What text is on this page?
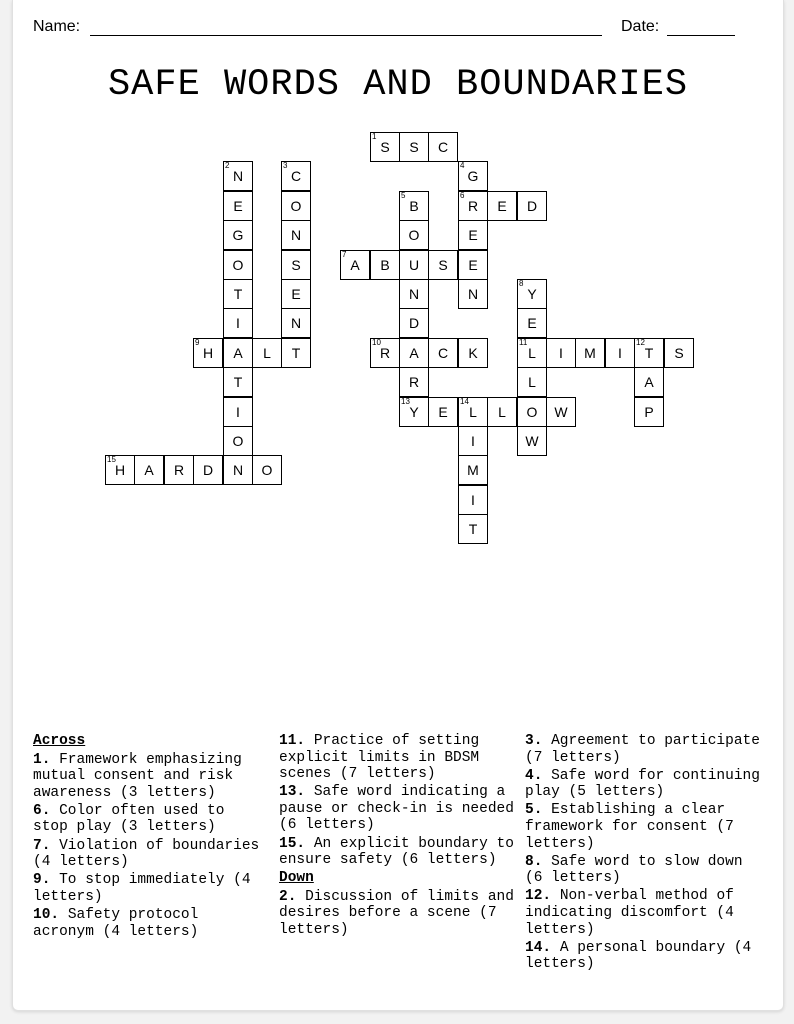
Name:	Date:
SAFE WORDS AND BOUNDARIES
1
S	S	C
2
N
E
G
O
T
I
A
T
I
O
3
C
O
N
S
E
N
T
4
G
6
R
E
E
N
5
B
O
U
N
D
A
R
E	D
7
A	B	S
8
Y
E
11
L
L
O
W
9
H	L
10
R	C	K	I	M	I
12
T	S
A
P
13
Y	E
14
L	L	W
I
M
I
T
15
H	A	R	D	N	O
Across
1. Framework emphasizing mutual consent and risk awareness (3 letters)
6. Color often used to stop play (3 letters)
7. Violation of boundaries (4 letters)
9. To stop immediately (4 letters)
10. Safety protocol acronym (4 letters)
11. Practice of setting explicit limits in BDSM scenes (7 letters)
13. Safe word indicating a pause or check-in is needed (6 letters)
15. An explicit boundary to ensure safety (6 letters)
Down
2. Discussion of limits and desires before a scene (7 letters)
3. Agreement to participate (7 letters)
4. Safe word for continuing play (5 letters)
5. Establishing a clear framework for consent (7 letters)
8. Safe word to slow down (6 letters)
12. Non-verbal method of indicating discomfort (4 letters)
14. A personal boundary (4 letters)
